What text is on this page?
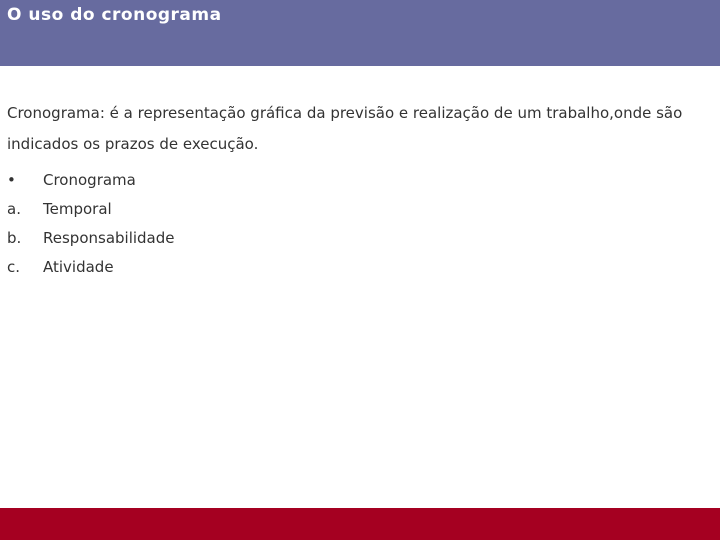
O uso do cronograma

Cronograma: é a representação gráfica da previsão e realização de um trabalho,onde são indicados os prazos de execução.

•	Cronograma
a.	Temporal
b.	Responsabilidade
c.	Atividade
